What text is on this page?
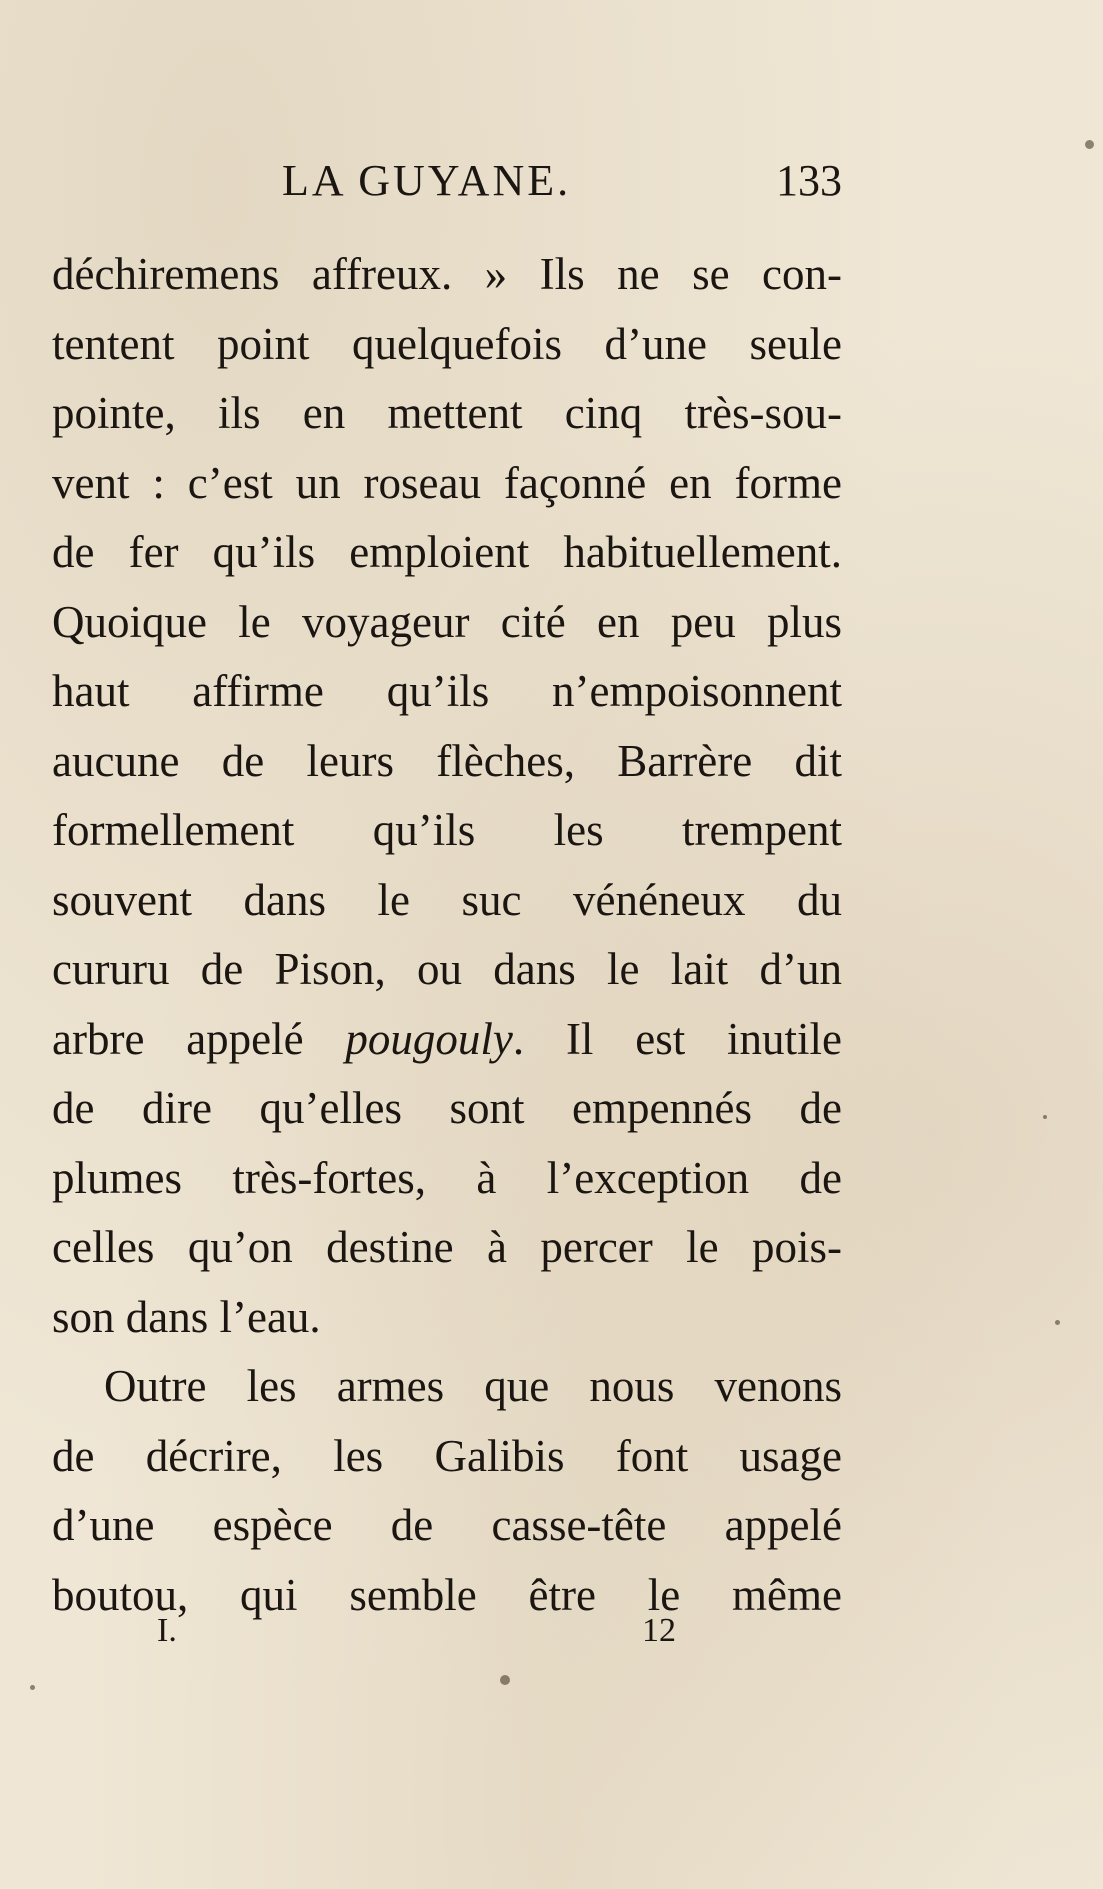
LA GUYANE.	133
déchiremens affreux. » Ils ne se con-
tentent point quelquefois d’une seule
pointe, ils en mettent cinq très-sou-
vent : c’est un roseau façonné en forme
de fer qu’ils emploient habituellement.
Quoique le voyageur cité en peu plus
haut affirme qu’ils n’empoisonnent
aucune de leurs flèches, Barrère dit
formellement qu’ils les trempent
souvent dans le suc vénéneux du
cururu de Pison, ou dans le lait d’un
arbre appelé pougouly. Il est inutile
de dire qu’elles sont empennés de
plumes très-fortes, à l’exception de
celles qu’on destine à percer le pois-
son dans l’eau.
Outre les armes que nous venons
de décrire, les Galibis font usage
d’une espèce de casse-tête appelé
boutou, qui semble être le même
I.	12
